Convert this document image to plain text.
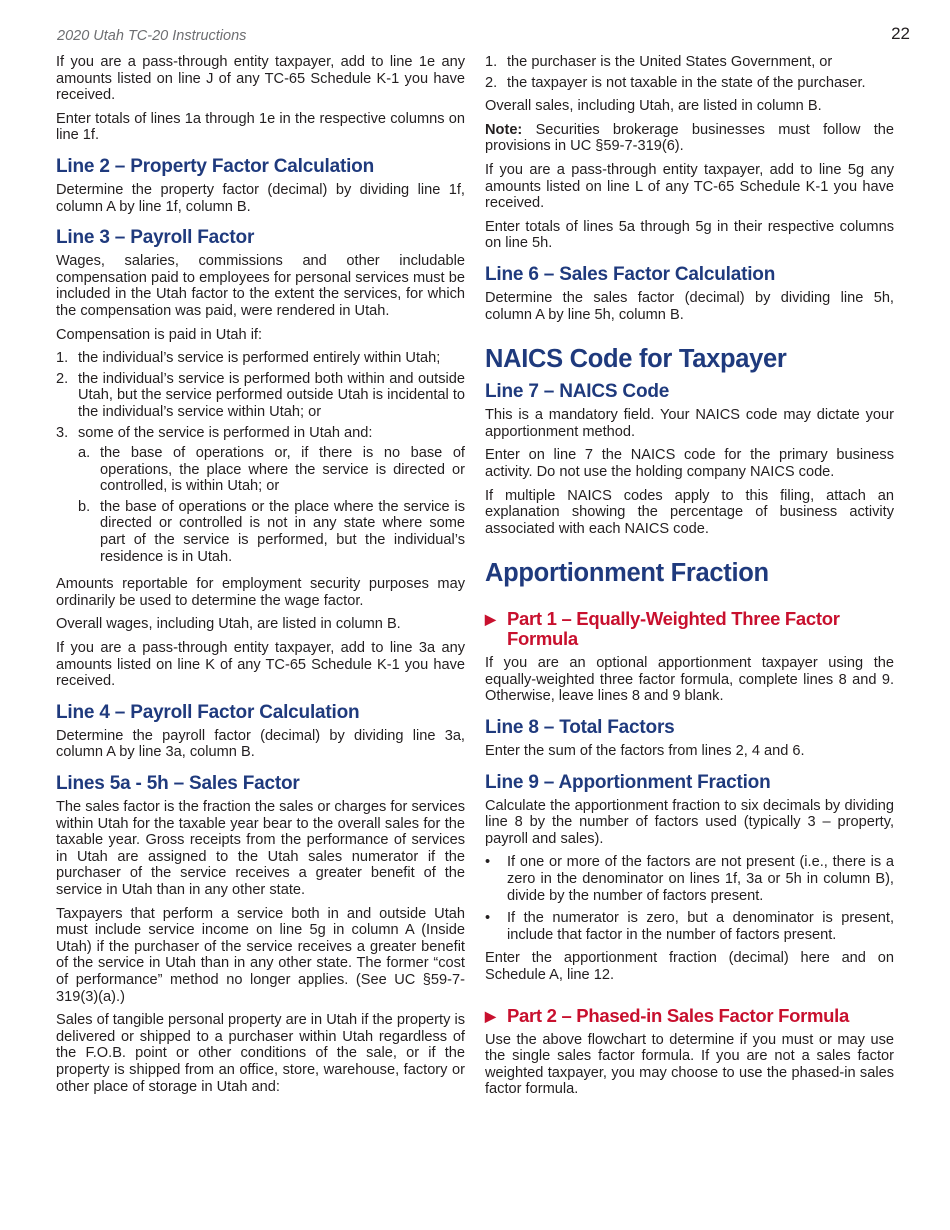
2020 Utah TC-20 Instructions	22

If you are a pass-through entity taxpayer, add to line 1e any amounts listed on line J of any TC-65 Schedule K-1 you have received.

Enter totals of lines 1a through 1e in the respective columns on line 1f.

Line 2 – Property Factor Calculation

Determine the property factor (decimal) by dividing line 1f, column A by line 1f, column B.

Line 3 – Payroll Factor

Wages, salaries, commissions and other includable compensation paid to employees for personal services must be included in the Utah factor to the extent the services, for which the compensation was paid, were rendered in Utah.

Compensation is paid in Utah if:

1. the individual’s service is performed entirely within Utah;
2. the individual’s service is performed both within and outside Utah, but the service performed outside Utah is incidental to the individual’s service within Utah; or
3. some of the service is performed in Utah and:
a. the base of operations or, if there is no base of operations, the place where the service is directed or controlled, is within Utah; or
b. the base of operations or the place where the service is directed or controlled is not in any state where some part of the service is performed, but the individual’s residence is in Utah.

Amounts reportable for employment security purposes may ordinarily be used to determine the wage factor.

Overall wages, including Utah, are listed in column B.

If you are a pass-through entity taxpayer, add to line 3a any amounts listed on line K of any TC-65 Schedule K-1 you have received.

Line 4 – Payroll Factor Calculation

Determine the payroll factor (decimal) by dividing line 3a, column A by line 3a, column B.

Lines 5a - 5h – Sales Factor

The sales factor is the fraction the sales or charges for services within Utah for the taxable year bear to the overall sales for the taxable year. Gross receipts from the performance of services in Utah are assigned to the Utah sales numerator if the purchaser of the service receives a greater benefit of the service in Utah than in any other state.

Taxpayers that perform a service both in and outside Utah must include service income on line 5g in column A (Inside Utah) if the purchaser of the service receives a greater benefit of the service in Utah than in any other state. The former “cost of performance” method no longer applies. (See UC §59-7-319(3)(a).)

Sales of tangible personal property are in Utah if the property is delivered or shipped to a purchaser within Utah regardless of the F.O.B. point or other conditions of the sale, or if the property is shipped from an office, store, warehouse, factory or other place of storage in Utah and:

1. the purchaser is the United States Government, or
2. the taxpayer is not taxable in the state of the purchaser.

Overall sales, including Utah, are listed in column B.

Note: Securities brokerage businesses must follow the provisions in UC §59-7-319(6).

If you are a pass-through entity taxpayer, add to line 5g any amounts listed on line L of any TC-65 Schedule K-1 you have received.

Enter totals of lines 5a through 5g in their respective columns on line 5h.

Line 6 – Sales Factor Calculation

Determine the sales factor (decimal) by dividing line 5h, column A by line 5h, column B.

NAICS Code for Taxpayer
Line 7 – NAICS Code

This is a mandatory field. Your NAICS code may dictate your apportionment method.

Enter on line 7 the NAICS code for the primary business activity. Do not use the holding company NAICS code.

If multiple NAICS codes apply to this filing, attach an explanation showing the percentage of business activity associated with each NAICS code.

Apportionment Fraction
▶ Part 1 – Equally-Weighted Three Factor Formula

If you are an optional apportionment taxpayer using the equally-weighted three factor formula, complete lines 8 and 9. Otherwise, leave lines 8 and 9 blank.

Line 8 – Total Factors

Enter the sum of the factors from lines 2, 4 and 6.

Line 9 – Apportionment Fraction

Calculate the apportionment fraction to six decimals by dividing line 8 by the number of factors used (typically 3 – property, payroll and sales).

•	If one or more of the factors are not present (i.e., there is a zero in the denominator on lines 1f, 3a or 5h in column B), divide by the number of factors present.
•	If the numerator is zero, but a denominator is present, include that factor in the number of factors present.

Enter the apportionment fraction (decimal) here and on Schedule A, line 12.

▶ Part 2 – Phased-in Sales Factor Formula

Use the above flowchart to determine if you must or may use the single sales factor formula. If you are not a sales factor weighted taxpayer, you may choose to use the phased-in sales factor formula.
